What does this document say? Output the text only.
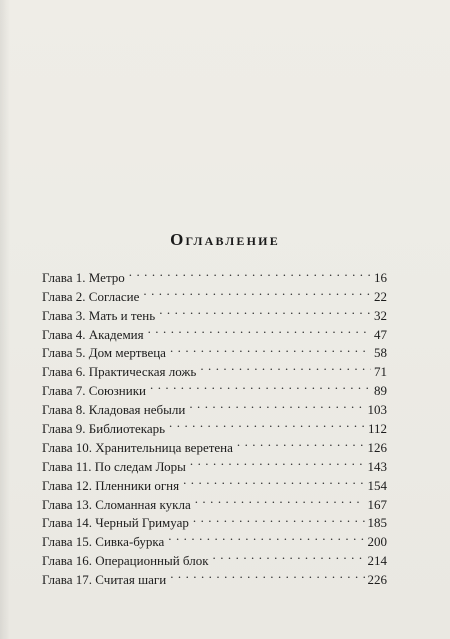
Оглавление
Глава 1. Метро . . .	16
Глава 2. Согласие . . .	22
Глава 3. Мать и тень . . .	32
Глава 4. Академия . . .	47
Глава 5. Дом мертвеца . . .	58
Глава 6. Практическая ложь . . .	71
Глава 7. Союзники . . .	89
Глава 8. Кладовая небыли . . .	103
Глава 9. Библиотекарь . . .	112
Глава 10. Хранительница веретена . . .	126
Глава 11. По следам Лоры . . .	143
Глава 12. Пленники огня . . .	154
Глава 13. Сломанная кукла . . .	167
Глава 14. Черный Гримуар . . .	185
Глава 15. Сивка-бурка . . .	200
Глава 16. Операционный блок . . .	214
Глава 17. Считая шаги . . .	226
